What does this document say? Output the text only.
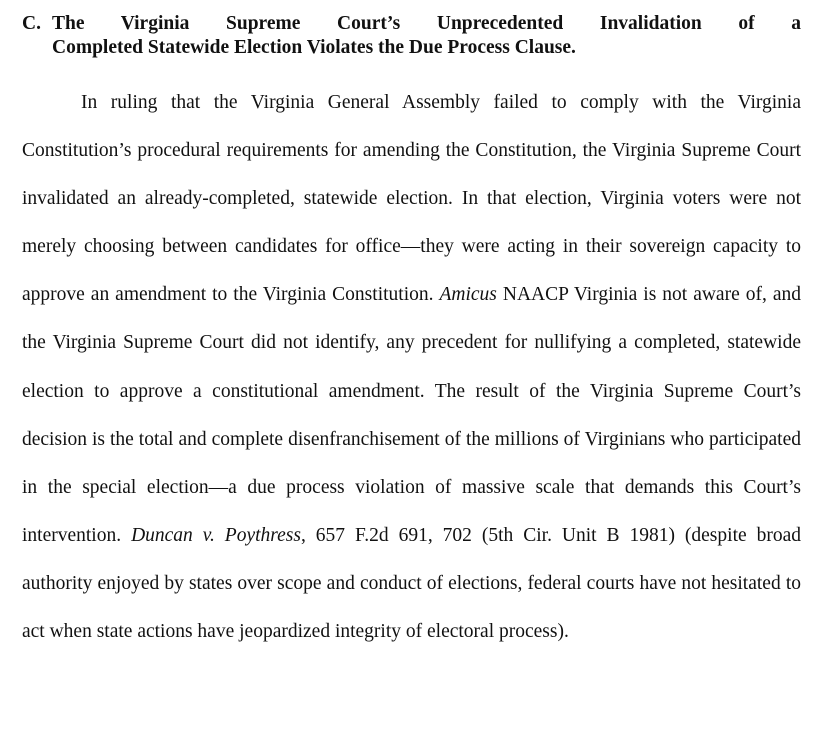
C. The Virginia Supreme Court’s Unprecedented Invalidation of a
Completed Statewide Election Violates the Due Process Clause.

In ruling that the Virginia General Assembly failed to comply with the Virginia Constitution’s procedural requirements for amending the Constitution, the Virginia Supreme Court invalidated an already-completed, statewide election. In that election, Virginia voters were not merely choosing between candidates for office—they were acting in their sovereign capacity to approve an amendment to the Virginia Constitution. Amicus NAACP Virginia is not aware of, and the Virginia Supreme Court did not identify, any precedent for nullifying a completed, statewide election to approve a constitutional amendment. The result of the Virginia Supreme Court’s decision is the total and complete disenfranchisement of the millions of Virginians who participated in the special election—a due process violation of massive scale that demands this Court’s intervention. Duncan v. Poythress, 657 F.2d 691, 702 (5th Cir. Unit B 1981) (despite broad authority enjoyed by states over scope and conduct of elections, federal courts have not hesitated to act when state actions have jeopardized integrity of electoral process).
